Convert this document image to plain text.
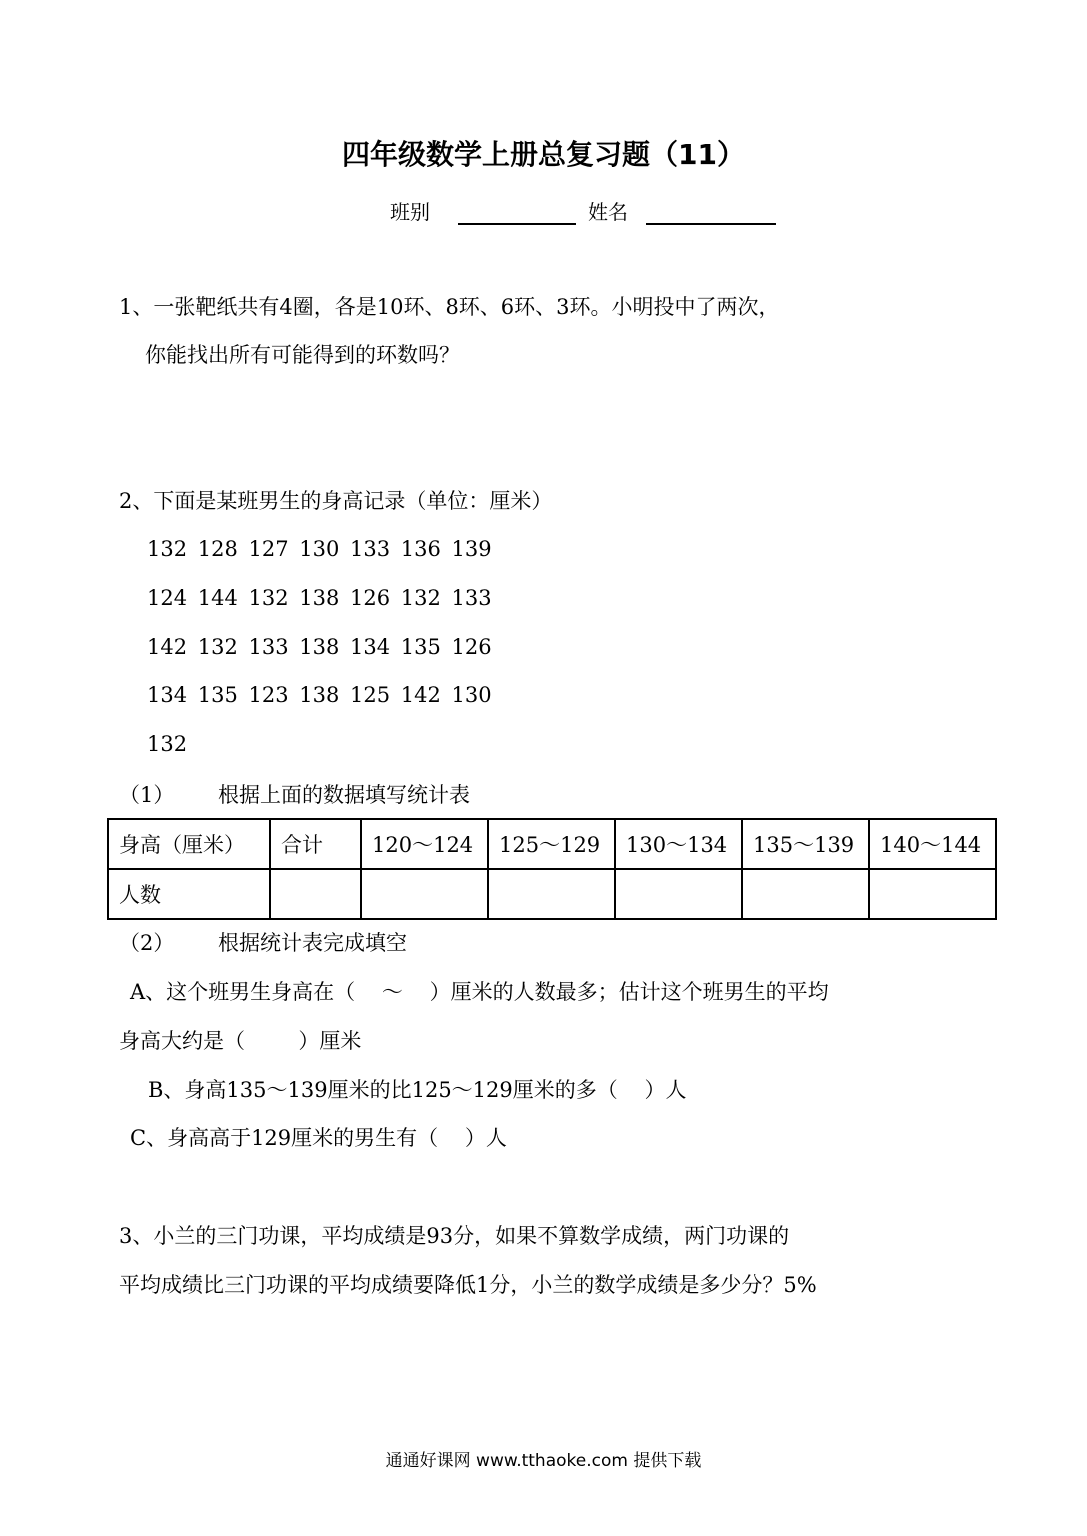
四年级数学上册总复习题（11）
班别	姓名
1、一张靶纸共有4圈，各是10环、8环、6环、3环。小明投中了两次，
你能找出所有可能得到的环数吗？
2、下面是某班男生的身高记录（单位：厘米）
132 128 127 130 133 136 139
124 144 132 138 126 132 133
142 132 133 138 134 135 126
134 135 123 138 125 142 130
132
（1） 根据上面的数据填写统计表
身高（厘米）	合计	120～124	125～129	130～134	135～139	140～144
人数						
（2） 根据统计表完成填空
A、这个班男生身高在（    ～    ）厘米的人数最多；估计这个班男生的平均
身高大约是（        ）厘米
B、身高135～139厘米的比125～129厘米的多（    ）人
C、身高高于129厘米的男生有（    ）人
3、小兰的三门功课，平均成绩是93分，如果不算数学成绩，两门功课的
平均成绩比三门功课的平均成绩要降低1分，小兰的数学成绩是多少分？5%
通通好课网 www.tthaoke.com 提供下载
